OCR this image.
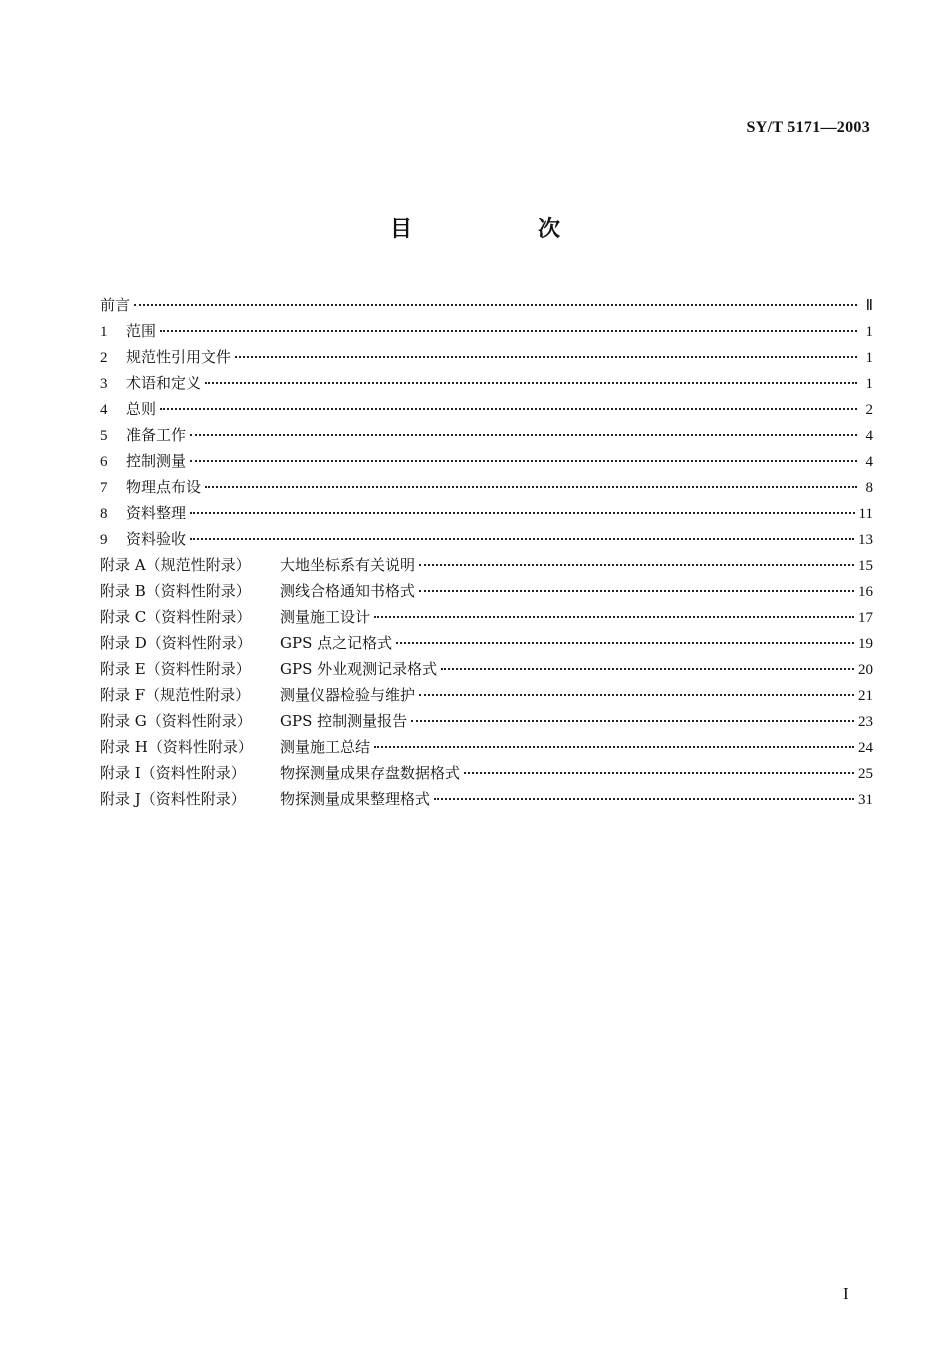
SY/T 5171—2003
目　次
前言	Ⅱ
1	范围	1
2	规范性引用文件	1
3	术语和定义	1
4	总则	2
5	准备工作	4
6	控制测量	4
7	物理点布设	8
8	资料整理	11
9	资料验收	13
附录 A（规范性附录）	大地坐标系有关说明	15
附录 B（资料性附录）	测线合格通知书格式	16
附录 C（资料性附录）	测量施工设计	17
附录 D（资料性附录）	GPS 点之记格式	19
附录 E（资料性附录）	GPS 外业观测记录格式	20
附录 F（规范性附录）	测量仪器检验与维护	21
附录 G（资料性附录）	GPS 控制测量报告	23
附录 H（资料性附录）	测量施工总结	24
附录 I（资料性附录）	物探测量成果存盘数据格式	25
附录 J（资料性附录）	物探测量成果整理格式	31
I
